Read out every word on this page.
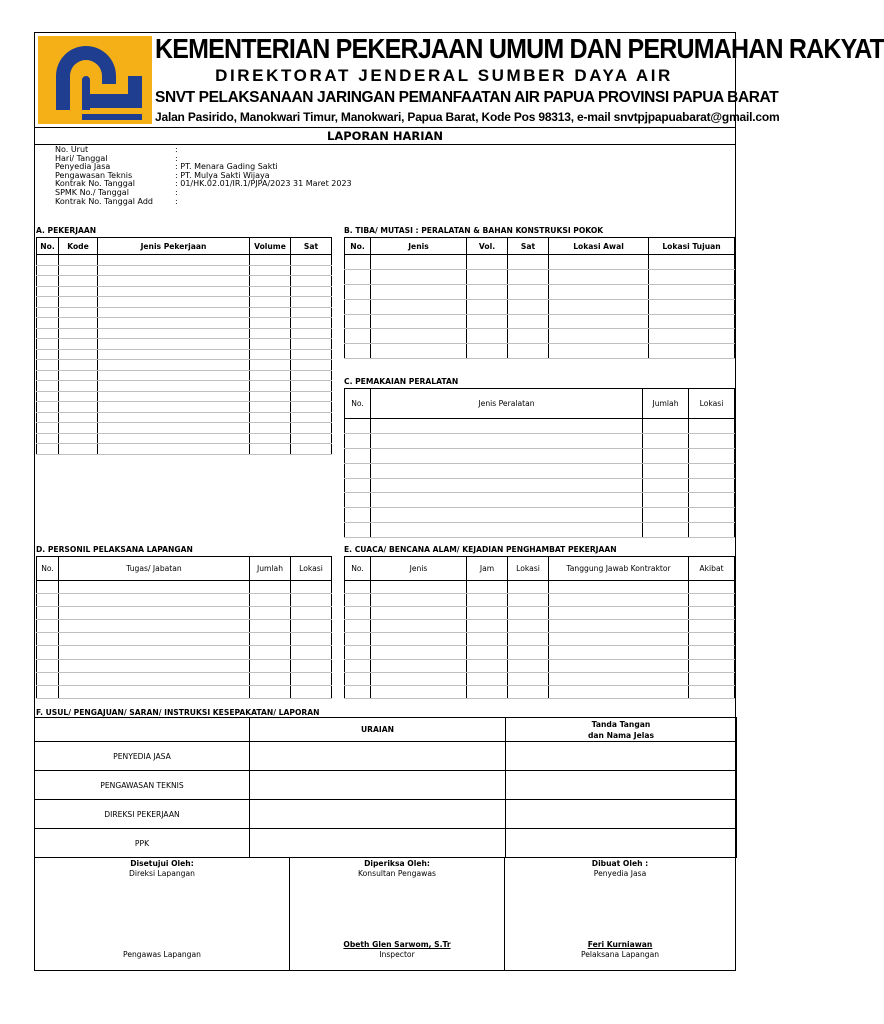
KEMENTERIAN PEKERJAAN UMUM DAN PERUMAHAN RAKYAT
DIREKTORAT JENDERAL SUMBER DAYA AIR
SNVT PELAKSANAAN JARINGAN PEMANFAATAN AIR PAPUA PROVINSI PAPUA BARAT
Jalan Pasirido, Manokwari Timur, Manokwari, Papua Barat, Kode Pos 98313, e-mail snvtpjpapuabarat@gmail.com
LAPORAN HARIAN
No. Urut	:
Hari/ Tanggal	:
Penyedia Jasa	: PT. Menara Gading Sakti
Pengawasan Teknis	: PT. Mulya Sakti Wijaya
Kontrak No. Tanggal	: 01/HK.02.01/IR.1/PJPA/2023 31 Maret 2023
SPMK No./ Tanggal	:
Kontrak No. Tanggal Add	:
A. PEKERJAAN
No.	Kode	Jenis Pekerjaan	Volume	Sat

B. TIBA/ MUTASI : PERALATAN & BAHAN KONSTRUKSI POKOK
No.	Jenis	Vol.	Sat	Lokasi Awal	Lokasi Tujuan

C. PEMAKAIAN PERALATAN
No.	Jenis Peralatan	Jumlah	Lokasi

D. PERSONIL PELAKSANA LAPANGAN
No.	Tugas/ Jabatan	Jumlah	Lokasi

E. CUACA/ BENCANA ALAM/ KEJADIAN PENGHAMBAT PEKERJAAN
No.	Jenis	Jam	Lokasi	Tanggung Jawab Kontraktor	Akibat

F. USUL/ PENGAJUAN/ SARAN/ INSTRUKSI KESEPAKATAN/ LAPORAN
	URAIAN	Tanda Tangan
dan Nama Jelas
PENYEDIA JASA		
PENGAWASAN TEKNIS		
DIREKSI PEKERJAAN		
PPK		
Disetujui Oleh:
Direksi Lapangan
Pengawas Lapangan
Diperiksa Oleh:
Konsultan Pengawas
Obeth Glen Sarwom, S.Tr
Inspector
Dibuat Oleh :
Penyedia Jasa
Feri Kurniawan
Pelaksana Lapangan
